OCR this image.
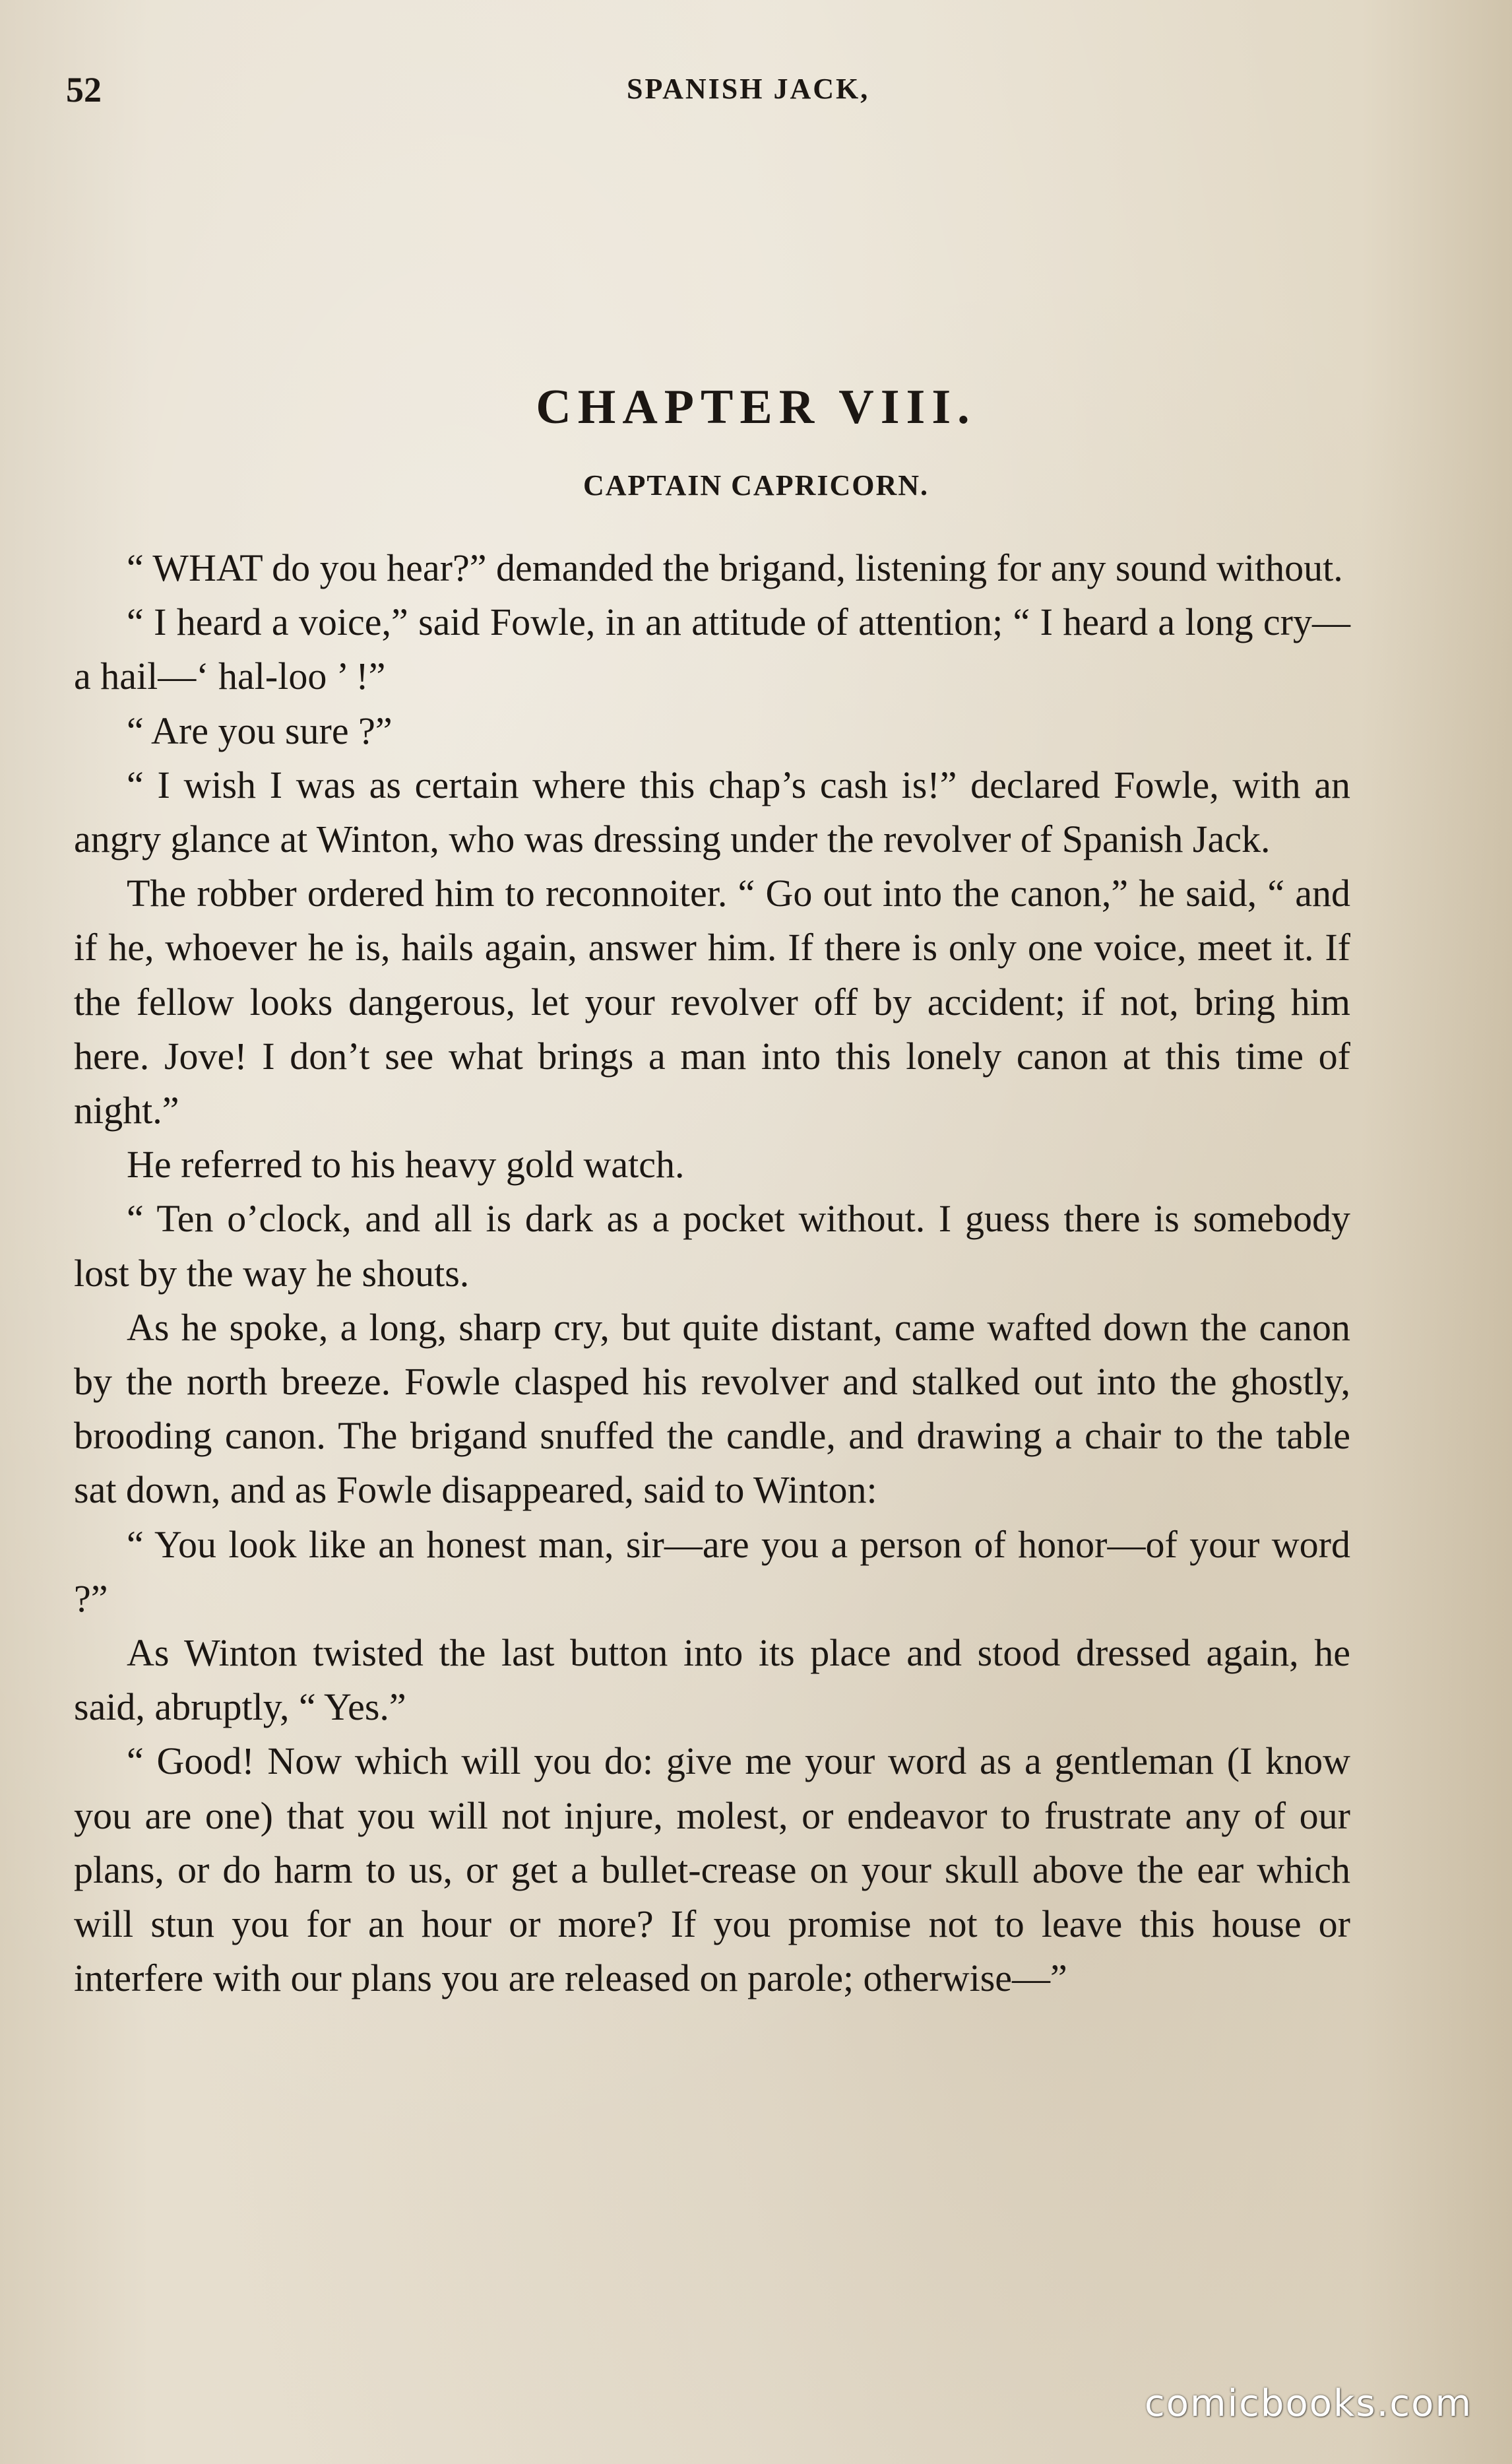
52	SPANISH JACK,
CHAPTER VIII.
CAPTAIN CAPRICORN.

“ WHAT do you hear?” demanded the brigand, listening for any sound without.

“ I heard a voice,” said Fowle, in an attitude of attention; “ I heard a long cry—a hail—‘ hal-loo ’ !”

“ Are you sure ?”

“ I wish I was as certain where this chap’s cash is!” declared Fowle, with an angry glance at Winton, who was dressing under the revolver of Spanish Jack.

The robber ordered him to reconnoiter. “ Go out into the canon,” he said, “ and if he, whoever he is, hails again, answer him. If there is only one voice, meet it. If the fellow looks dangerous, let your revolver off by accident; if not, bring him here. Jove! I don’t see what brings a man into this lonely canon at this time of night.”

He referred to his heavy gold watch.

“ Ten o’clock, and all is dark as a pocket without. I guess there is somebody lost by the way he shouts.

As he spoke, a long, sharp cry, but quite distant, came wafted down the canon by the north breeze. Fowle clasped his revolver and stalked out into the ghostly, brooding canon. The brigand snuffed the candle, and drawing a chair to the table sat down, and as Fowle disappeared, said to Winton:

“ You look like an honest man, sir—are you a person of honor—of your word ?”

As Winton twisted the last button into its place and stood dressed again, he said, abruptly, “ Yes.”

“ Good! Now which will you do: give me your word as a gentleman (I know you are one) that you will not injure, molest, or endeavor to frustrate any of our plans, or do harm to us, or get a bullet-crease on your skull above the ear which will stun you for an hour or more? If you promise not to leave this house or interfere with our plans you are released on parole; otherwise—”

comicbooks.com
